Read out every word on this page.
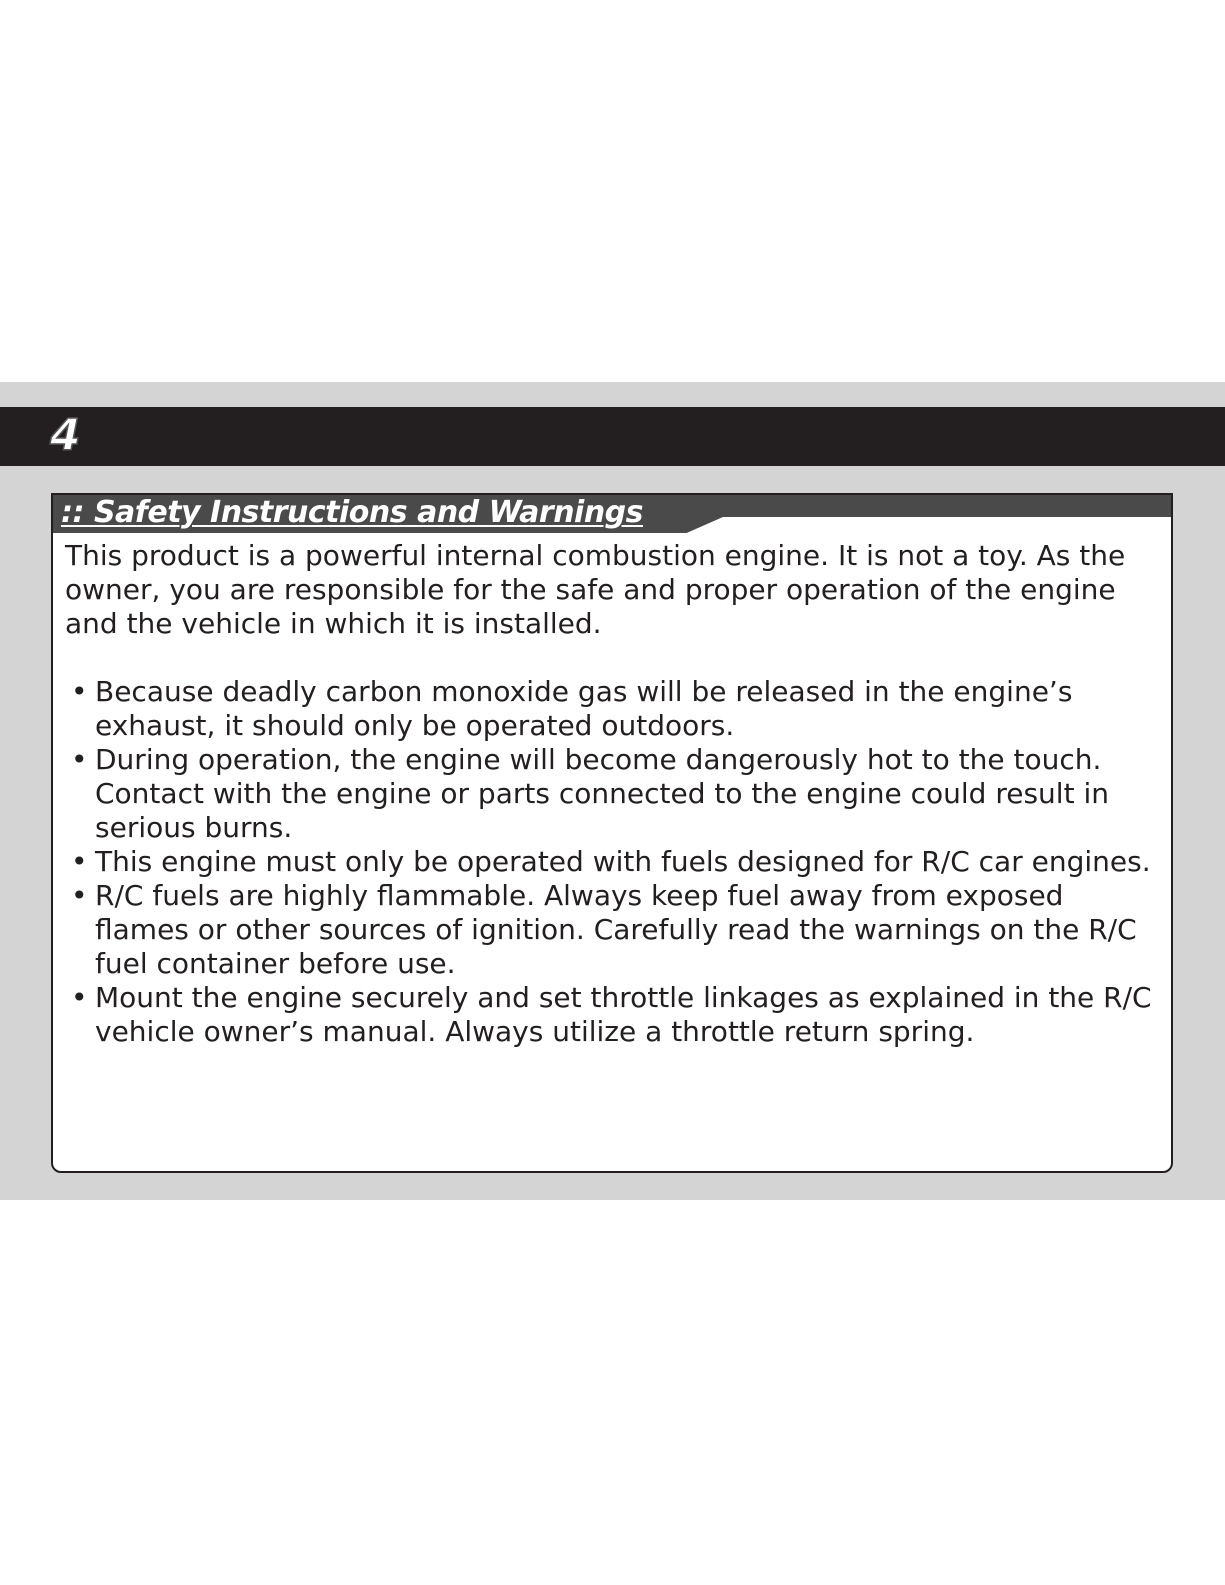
4
:: Safety Instructions and Warnings

This product is a powerful internal combustion engine. It is not a toy. As the owner, you are responsible for the safe and proper operation of the engine and the vehicle in which it is installed.

• Because deadly carbon monoxide gas will be released in the engine’s exhaust, it should only be operated outdoors.
• During operation, the engine will become dangerously hot to the touch. Contact with the engine or parts connected to the engine could result in serious burns.
• This engine must only be operated with fuels designed for R/C car engines.
• R/C fuels are highly flammable. Always keep fuel away from exposed flames or other sources of ignition. Carefully read the warnings on the R/C fuel container before use.
• Mount the engine securely and set throttle linkages as explained in the R/C vehicle owner’s manual. Always utilize a throttle return spring.
